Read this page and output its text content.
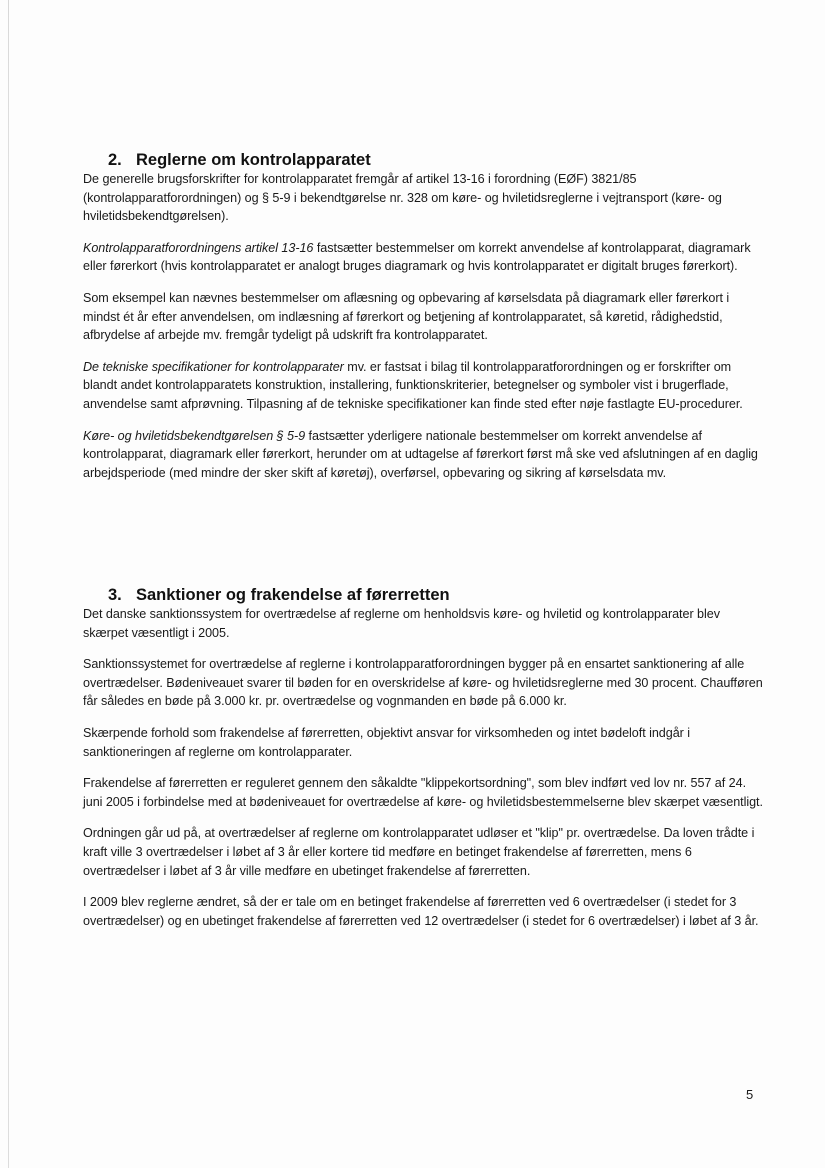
2. Reglerne om kontrolapparatet

De generelle brugsforskrifter for kontrolapparatet fremgår af artikel 13-16 i forordning (EØF) 3821/85 (kontrolapparatforordningen) og § 5-9 i bekendtgørelse nr. 328 om køre- og hviletidsreglerne i vejtransport (køre- og hviletidsbekendtgørelsen).

Kontrolapparatforordningens artikel 13-16 fastsætter bestemmelser om korrekt anvendelse af kontrolapparat, diagramark eller førerkort (hvis kontrolapparatet er analogt bruges diagramark og hvis kontrolapparatet er digitalt bruges førerkort).

Som eksempel kan nævnes bestemmelser om aflæsning og opbevaring af kørselsdata på diagramark eller førerkort i mindst ét år efter anvendelsen, om indlæsning af førerkort og betjening af kontrolapparatet, så køretid, rådighedstid, afbrydelse af arbejde mv. fremgår tydeligt på udskrift fra kontrolapparatet.

De tekniske specifikationer for kontrolapparater mv. er fastsat i bilag til kontrolapparatforordningen og er forskrifter om blandt andet kontrolapparatets konstruktion, installering, funktionskriterier, betegnelser og symboler vist i brugerflade, anvendelse samt afprøvning. Tilpasning af de tekniske specifikationer kan finde sted efter nøje fastlagte EU-procedurer.

Køre- og hviletidsbekendtgørelsen § 5-9 fastsætter yderligere nationale bestemmelser om korrekt anvendelse af kontrolapparat, diagramark eller førerkort, herunder om at udtagelse af førerkort først må ske ved afslutningen af en daglig arbejdsperiode (med mindre der sker skift af køretøj), overførsel, opbevaring og sikring af kørselsdata mv.

3. Sanktioner og frakendelse af førerretten

Det danske sanktionssystem for overtrædelse af reglerne om henholdsvis køre- og hviletid og kontrolapparater blev skærpet væsentligt i 2005.

Sanktionssystemet for overtrædelse af reglerne i kontrolapparatforordningen bygger på en ensartet sanktionering af alle overtrædelser. Bødeniveauet svarer til bøden for en overskridelse af køre- og hviletidsreglerne med 30 procent. Chaufføren får således en bøde på 3.000 kr. pr. overtrædelse og vognmanden en bøde på 6.000 kr.

Skærpende forhold som frakendelse af førerretten, objektivt ansvar for virksomheden og intet bødeloft indgår i sanktioneringen af reglerne om kontrolapparater.

Frakendelse af førerretten er reguleret gennem den såkaldte "klippekortsordning", som blev indført ved lov nr. 557 af 24. juni 2005 i forbindelse med at bødeniveauet for overtrædelse af køre- og hviletidsbestemmelserne blev skærpet væsentligt.

Ordningen går ud på, at overtrædelser af reglerne om kontrolapparatet udløser et "klip" pr. overtrædelse. Da loven trådte i kraft ville 3 overtrædelser i løbet af 3 år eller kortere tid medføre en betinget frakendelse af førerretten, mens 6 overtrædelser i løbet af 3 år ville medføre en ubetinget frakendelse af førerretten.

I 2009 blev reglerne ændret, så der er tale om en betinget frakendelse af førerretten ved 6 overtrædelser (i stedet for 3 overtrædelser) og en ubetinget frakendelse af førerretten ved 12 overtrædelser (i stedet for 6 overtrædelser) i løbet af 3 år.

5
